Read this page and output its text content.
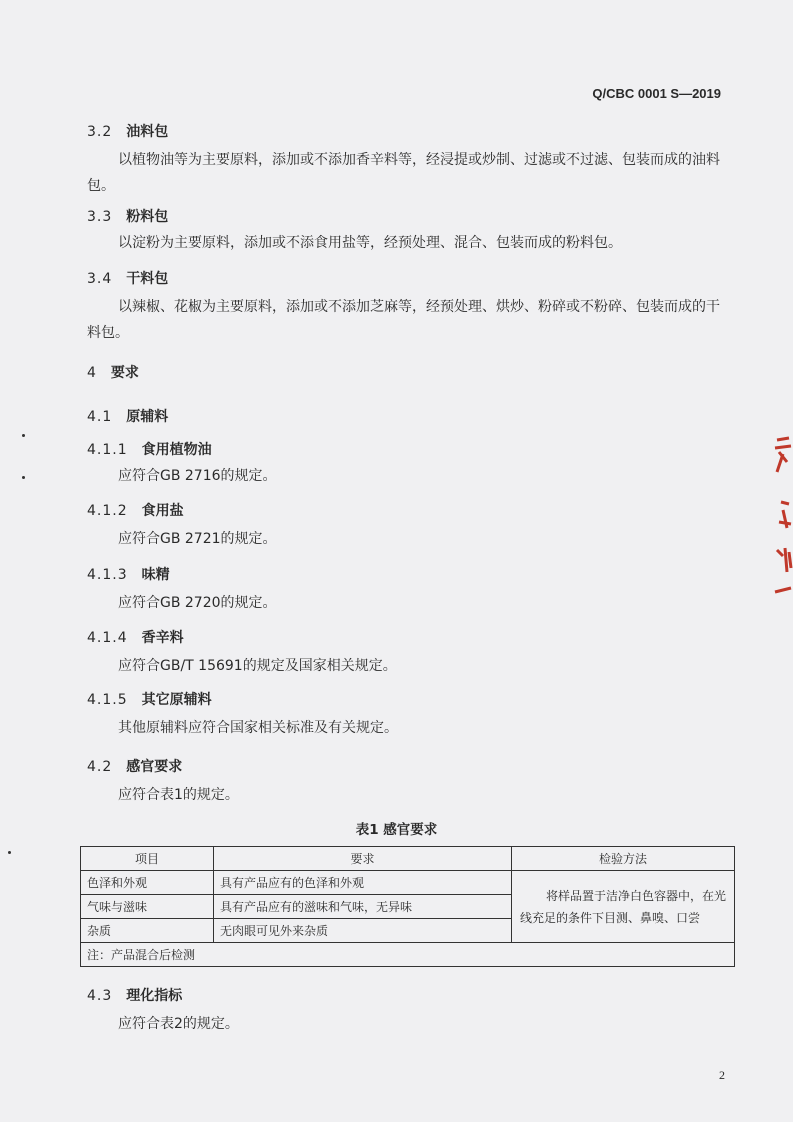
Q/CBC 0001 S—2019
3.2 油料包
以植物油等为主要原料，添加或不添加香辛料等，经浸提或炒制、过滤或不过滤、包装而成的油料包。
3.3 粉料包
以淀粉为主要原料，添加或不添食用盐等，经预处理、混合、包装而成的粉料包。
3.4 干料包
以辣椒、花椒为主要原料，添加或不添加芝麻等，经预处理、烘炒、粉碎或不粉碎、包装而成的干料包。
4 要求
4.1 原辅料
4.1.1 食用植物油
应符合GB 2716的规定。
4.1.2 食用盐
应符合GB 2721的规定。
4.1.3 味精
应符合GB 2720的规定。
4.1.4 香辛料
应符合GB/T 15691的规定及国家相关规定。
4.1.5 其它原辅料
其他原辅料应符合国家相关标准及有关规定。
4.2 感官要求
应符合表1的规定。
表1 感官要求
项目	要求	检验方法
色泽和外观	具有产品应有的色泽和外观	将样品置于洁净白色容器中，在光
线充足的条件下目测、鼻嗅、口尝

气味与滋味	具有产品应有的滋味和气味，无异味	
杂质	无肉眼可见外来杂质	
注：产品混合后检测		
4.3 理化指标
应符合表2的规定。
2
